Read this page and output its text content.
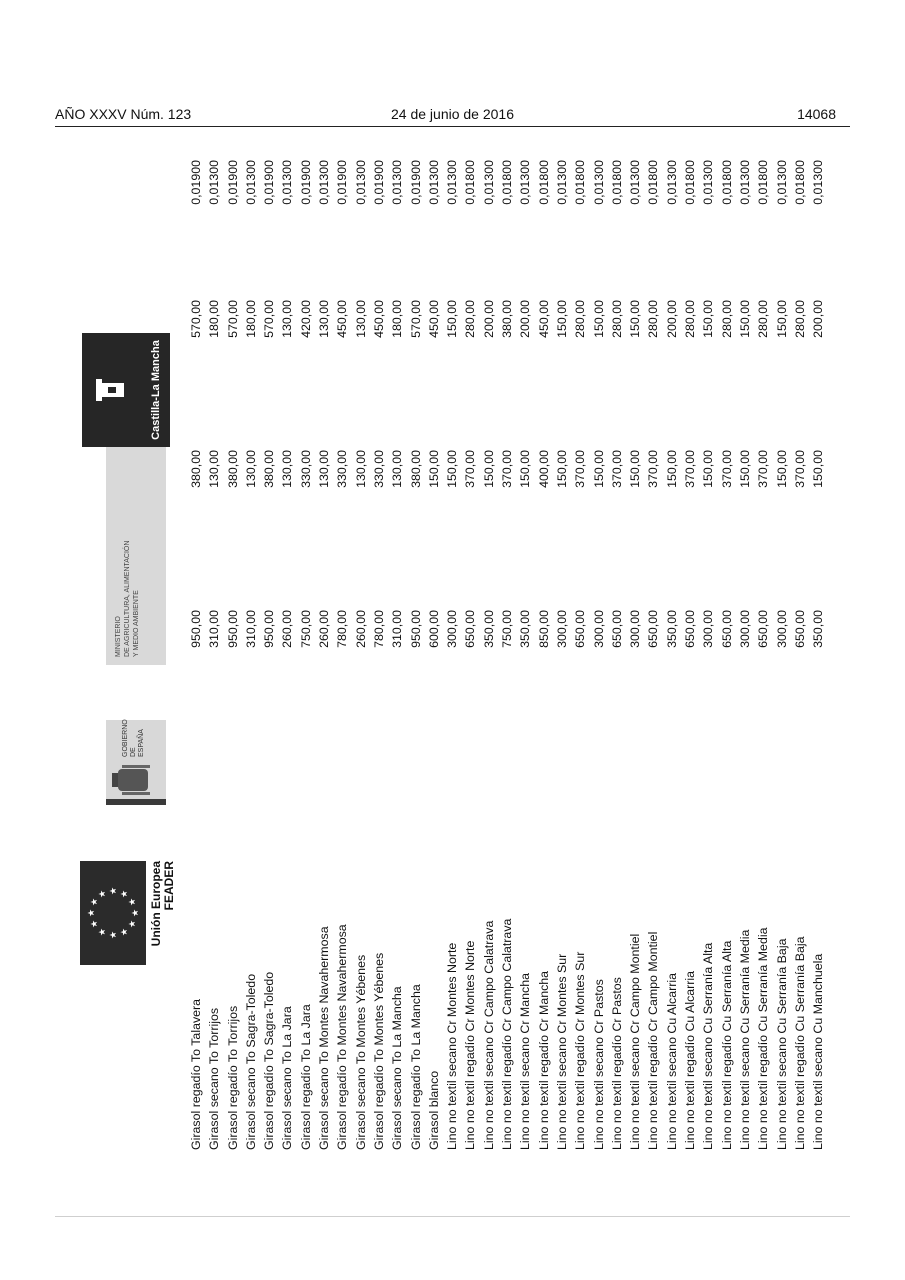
AÑO XXXV Núm. 123	24 de junio de 2016	14068
★ ★
★
★
★
★
★
★
★
★
★
★	Unión Europea FEADER
GOBIERNO DE ESPAÑA
MINISTERIO DE AGRICULTURA, ALIMENTACIÓN Y MEDIO AMBIENTE
Castilla-La Mancha
Girasol regadío To Talavera
950,00
380,00
570,00
0,01900
Girasol secano To Torrijos
310,00
130,00
180,00
0,01300
Girasol regadío To Torrijos
950,00
380,00
570,00
0,01900
Girasol secano To Sagra-Toledo
310,00
130,00
180,00
0,01300
Girasol regadío To Sagra-Toledo
950,00
380,00
570,00
0,01900
Girasol secano To La Jara
260,00
130,00
130,00
0,01300
Girasol regadío To La Jara
750,00
330,00
420,00
0,01900
Girasol secano To Montes Navahermosa
260,00
130,00
130,00
0,01300
Girasol regadío To Montes Navahermosa
780,00
330,00
450,00
0,01900
Girasol secano To Montes Yébenes
260,00
130,00
130,00
0,01300
Girasol regadío To Montes Yébenes
780,00
330,00
450,00
0,01900
Girasol secano To La Mancha
310,00
130,00
180,00
0,01300
Girasol regadío To La Mancha
950,00
380,00
570,00
0,01900
Girasol blanco
600,00
150,00
450,00
0,01300
Lino no textil secano Cr Montes Norte
300,00
150,00
150,00
0,01300
Lino no textil regadío Cr Montes Norte
650,00
370,00
280,00
0,01800
Lino no textil secano Cr Campo Calatrava
350,00
150,00
200,00
0,01300
Lino no textil regadío Cr Campo Calatrava
750,00
370,00
380,00
0,01800
Lino no textil secano Cr Mancha
350,00
150,00
200,00
0,01300
Lino no textil regadío Cr Mancha
850,00
400,00
450,00
0,01800
Lino no textil secano Cr Montes Sur
300,00
150,00
150,00
0,01300
Lino no textil regadío Cr Montes Sur
650,00
370,00
280,00
0,01800
Lino no textil secano Cr Pastos
300,00
150,00
150,00
0,01300
Lino no textil regadío Cr Pastos
650,00
370,00
280,00
0,01800
Lino no textil secano Cr Campo Montiel
300,00
150,00
150,00
0,01300
Lino no textil regadío Cr Campo Montiel
650,00
370,00
280,00
0,01800
Lino no textil secano Cu Alcarria
350,00
150,00
200,00
0,01300
Lino no textil regadío Cu Alcarria
650,00
370,00
280,00
0,01800
Lino no textil secano Cu Serranía Alta
300,00
150,00
150,00
0,01300
Lino no textil regadío Cu Serranía Alta
650,00
370,00
280,00
0,01800
Lino no textil secano Cu Serranía Media
300,00
150,00
150,00
0,01300
Lino no textil regadío Cu Serranía Media
650,00
370,00
280,00
0,01800
Lino no textil secano Cu Serranía Baja
300,00
150,00
150,00
0,01300
Lino no textil regadío Cu Serranía Baja
650,00
370,00
280,00
0,01800
Lino no textil secano Cu Manchuela
350,00
150,00
200,00
0,01300
